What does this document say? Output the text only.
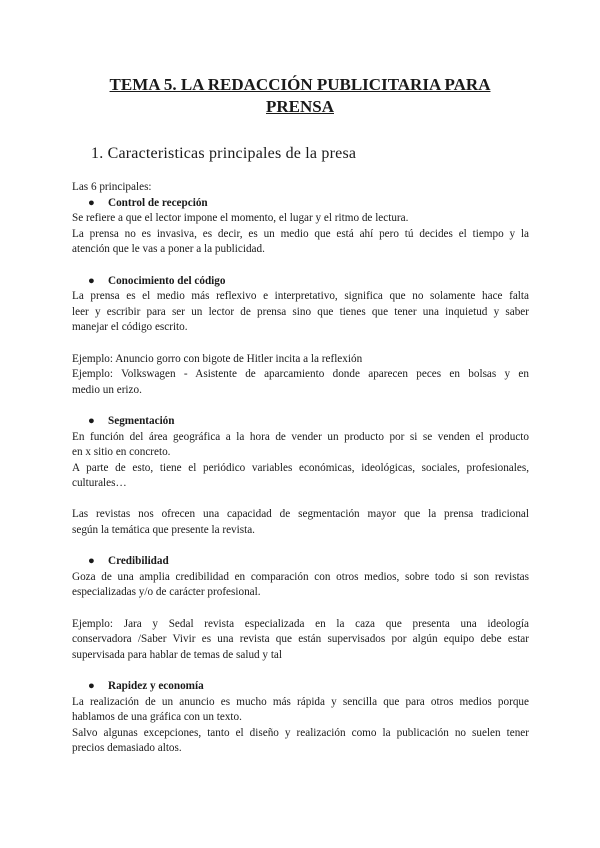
TEMA 5. LA REDACCIÓN PUBLICITARIA PARA
PRENSA
1. Caracteristicas principales de la presa
Las 6 principales:
● Control de recepción
Se refiere a que el lector impone el momento, el lugar y el ritmo de lectura.
La prensa no es invasiva, es decir, es un medio que está ahí pero tú decides el tiempo y la
atención que le vas a poner a la publicidad.
● Conocimiento del código
La prensa es el medio más reflexivo e interpretativo, significa que no solamente hace falta
leer y escribir para ser un lector de prensa sino que tienes que tener una inquietud y saber
manejar el código escrito.
Ejemplo: Anuncio gorro con bigote de Hitler incita a la reflexión
Ejemplo: Volkswagen - Asistente de aparcamiento donde aparecen peces en bolsas y en
medio un erizo.
● Segmentación
En función del área geográfica a la hora de vender un producto por si se venden el producto
en x sitio en concreto.
A parte de esto, tiene el periódico variables económicas, ideológicas, sociales, profesionales,
culturales…
Las revistas nos ofrecen una capacidad de segmentación mayor que la prensa tradicional
según la temática que presente la revista.
● Credibilidad
Goza de una amplia credibilidad en comparación con otros medios, sobre todo si son revistas
especializadas y/o de carácter profesional.
Ejemplo: Jara y Sedal revista especializada en la caza que presenta una ideología
conservadora /Saber Vivir es una revista que están supervisados por algún equipo debe estar
supervisada para hablar de temas de salud y tal
● Rapidez y economía
La realización de un anuncio es mucho más rápida y sencilla que para otros medios porque
hablamos de una gráfica con un texto.
Salvo algunas excepciones, tanto el diseño y realización como la publicación no suelen tener
precios demasiado altos.
